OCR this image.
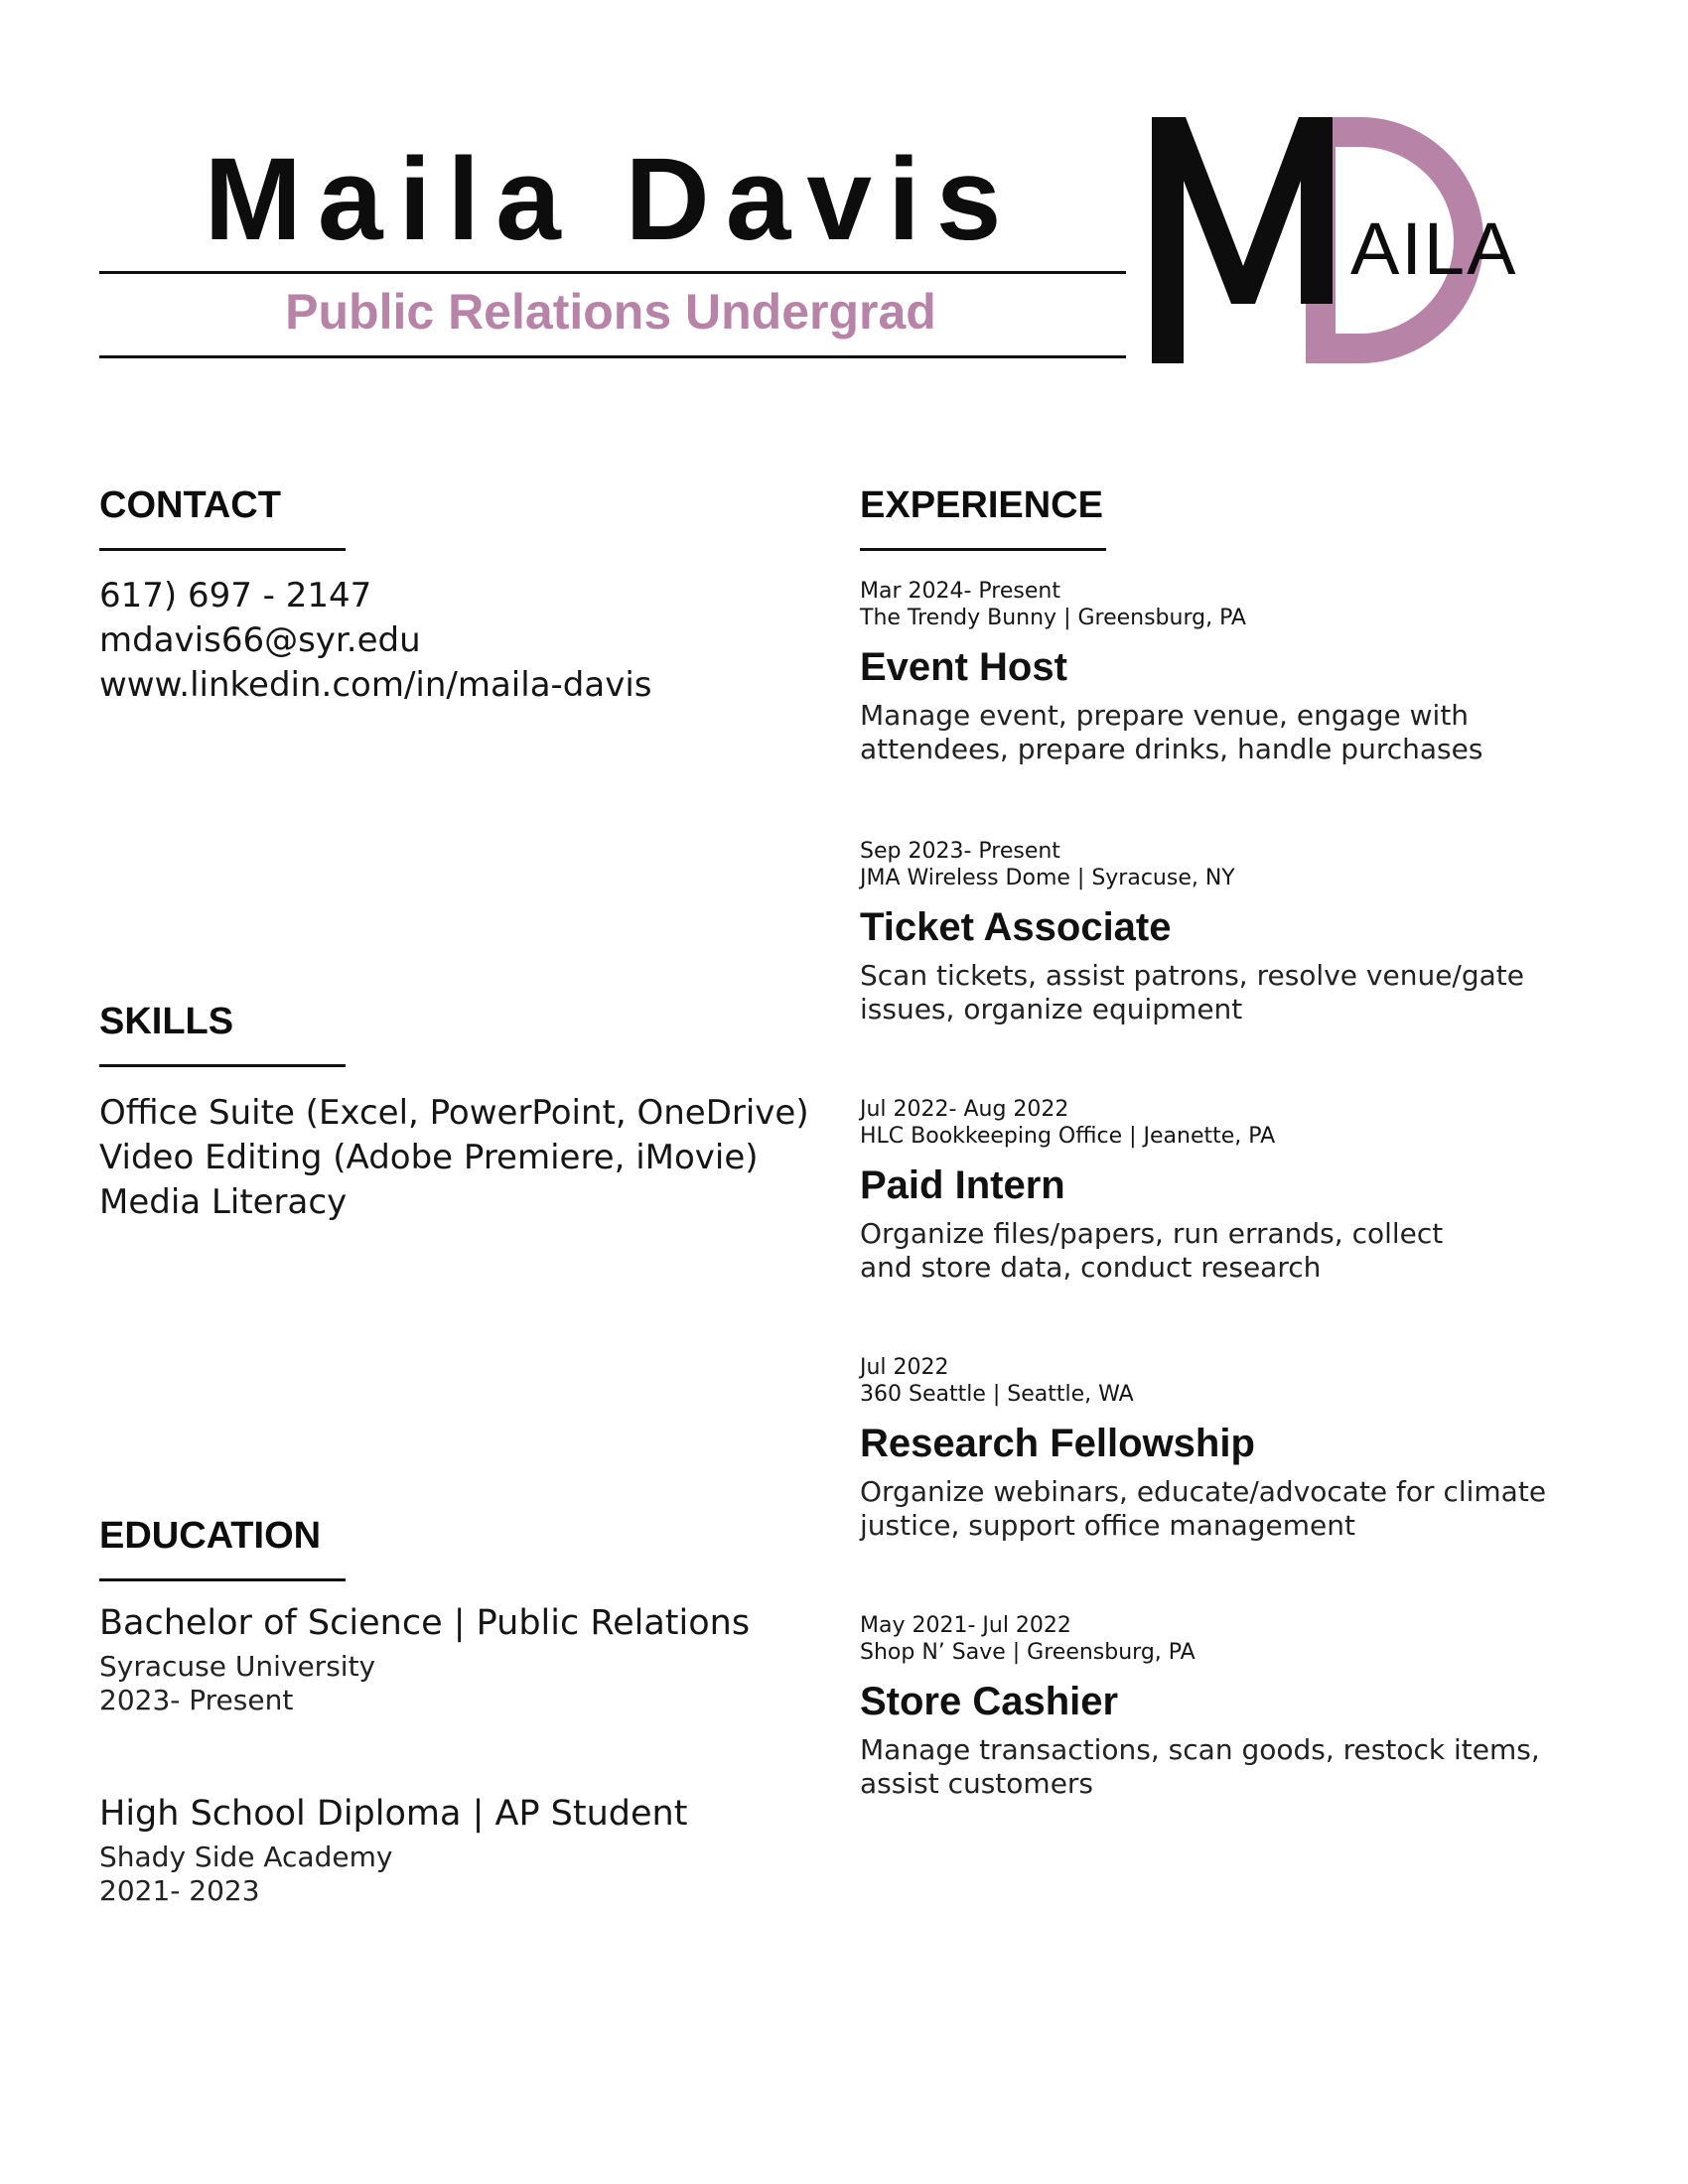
Maila Davis
Public Relations Undergrad
AILA
CONTACT
617) 697 - 2147
mdavis66@syr.edu
www.linkedin.com/in/maila-davis
SKILLS
Office Suite (Excel, PowerPoint, OneDrive)
Video Editing (Adobe Premiere, iMovie)
Media Literacy
EDUCATION
Bachelor of Science | Public Relations
Syracuse University
2023- Present
High School Diploma | AP Student
Shady Side Academy
2021- 2023
EXPERIENCE
Mar 2024- Present
The Trendy Bunny | Greensburg, PA
Event Host
Manage event, prepare venue, engage with
attendees, prepare drinks, handle purchases
Sep 2023- Present
JMA Wireless Dome | Syracuse, NY
Ticket Associate
Scan tickets, assist patrons, resolve venue/gate
issues, organize equipment
Jul 2022- Aug 2022
HLC Bookkeeping Office | Jeanette, PA
Paid Intern
Organize files/papers, run errands, collect
and store data, conduct research
Jul 2022
360 Seattle | Seattle, WA
Research Fellowship
Organize webinars, educate/advocate for climate
justice, support office management
May 2021- Jul 2022
Shop N’ Save | Greensburg, PA
Store Cashier
Manage transactions, scan goods, restock items,
assist customers
